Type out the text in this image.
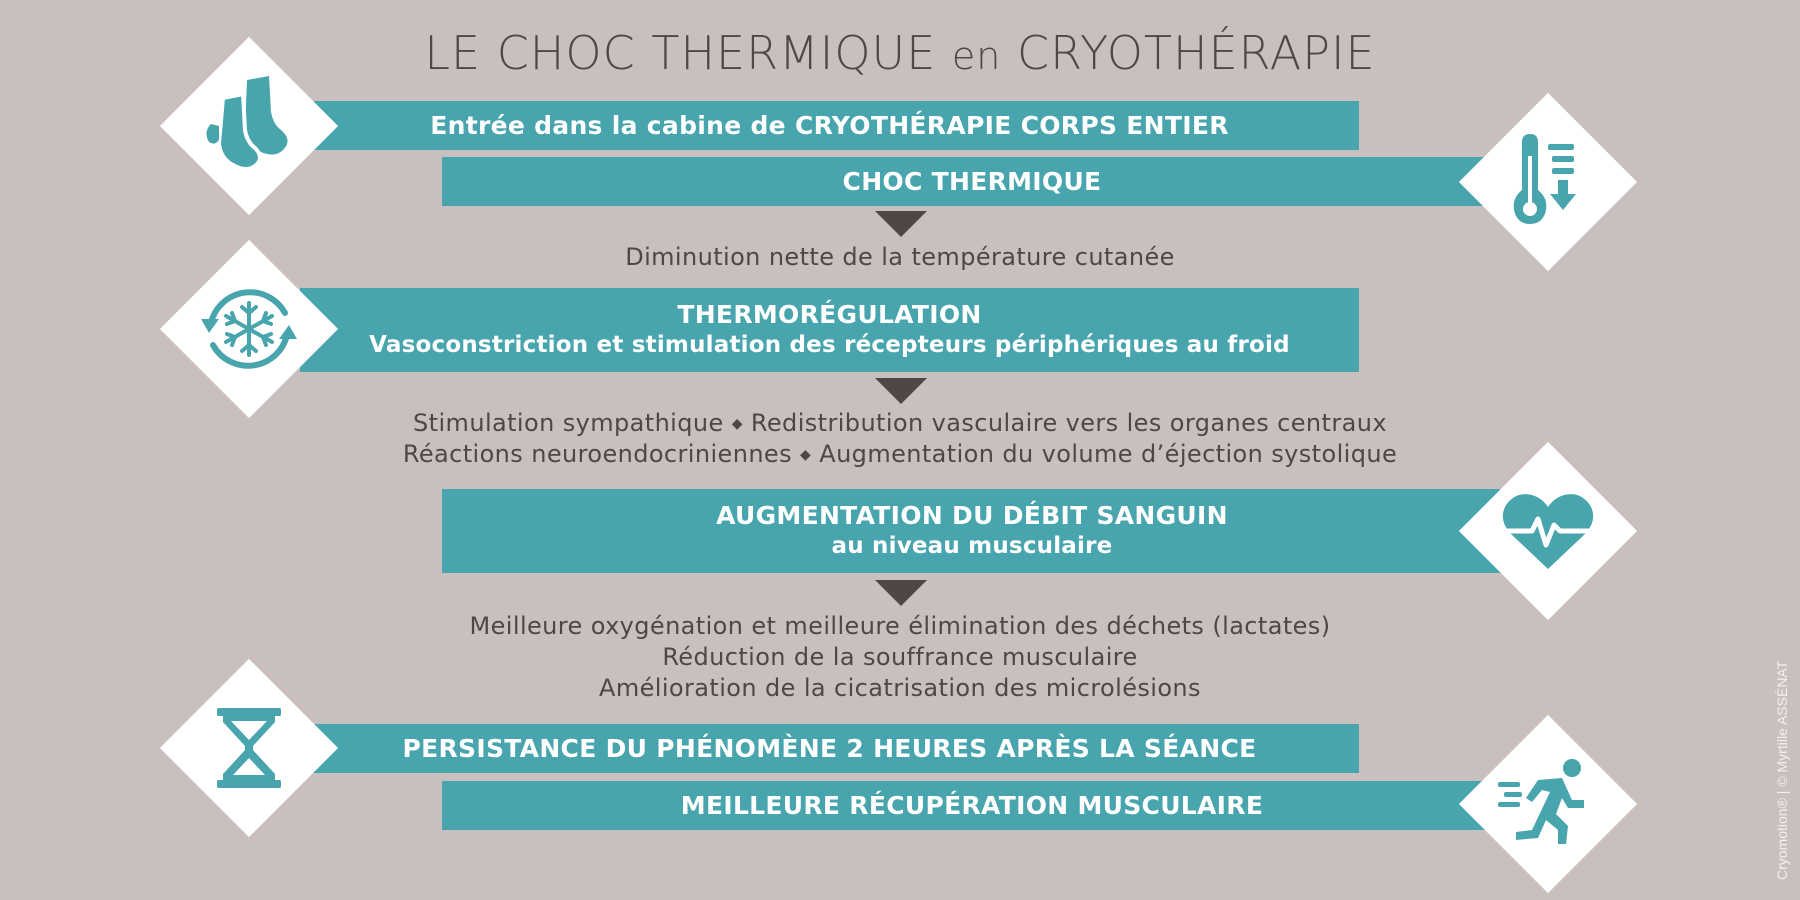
LE CHOC THERMIQUE en CRYOTHÉRAPIE
Entrée dans la cabine de CRYOTHÉRAPIE CORPS ENTIER
CHOC THERMIQUE
Diminution nette de la température cutanée
THERMORÉGULATION
Vasoconstriction et stimulation des récepteurs périphériques au froid
Stimulation sympathique ◆ Redistribution vasculaire vers les organes centraux
Réactions neuroendocriniennes ◆ Augmentation du volume d’éjection systolique
AUGMENTATION DU DÉBIT SANGUIN
au niveau musculaire
Meilleure oxygénation et meilleure élimination des déchets (lactates)
Réduction de la souffrance musculaire
Amélioration de la cicatrisation des microlésions
PERSISTANCE DU PHÉNOMÈNE 2 HEURES APRÈS LA SÉANCE
MEILLEURE RÉCUPÉRATION MUSCULAIRE	Cryomotion® | © Myrtille ASSÉNAT
